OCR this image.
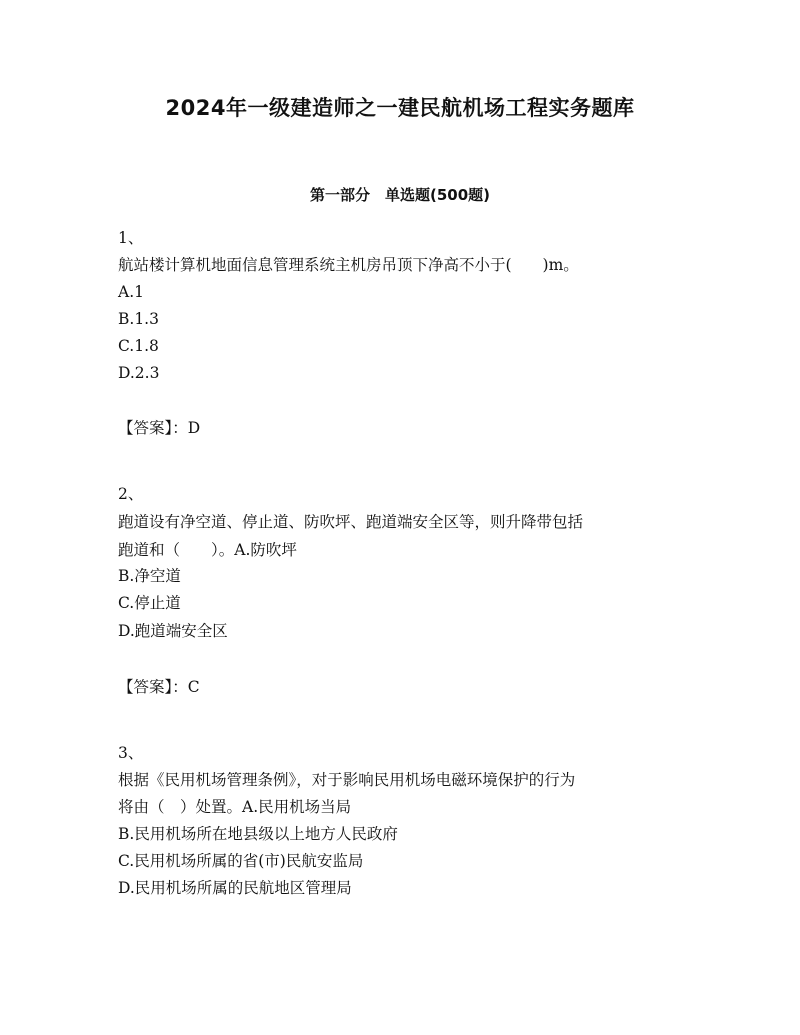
2024年一级建造师之一建民航机场工程实务题库
第一部分　单选题(500题)
1、
航站楼计算机地面信息管理系统主机房吊顶下净高不小于(　　)m。
A.1
B.1.3
C.1.8
D.2.3
【答案】：D
2、
跑道设有净空道、停止道、防吹坪、跑道端安全区等，则升降带包括
跑道和（　　）。A.防吹坪
B.净空道
C.停止道
D.跑道端安全区
【答案】：C
3、
根据《民用机场管理条例》，对于影响民用机场电磁环境保护的行为
将由（　）处置。A.民用机场当局
B.民用机场所在地县级以上地方人民政府
C.民用机场所属的省(市)民航安监局
D.民用机场所属的民航地区管理局
